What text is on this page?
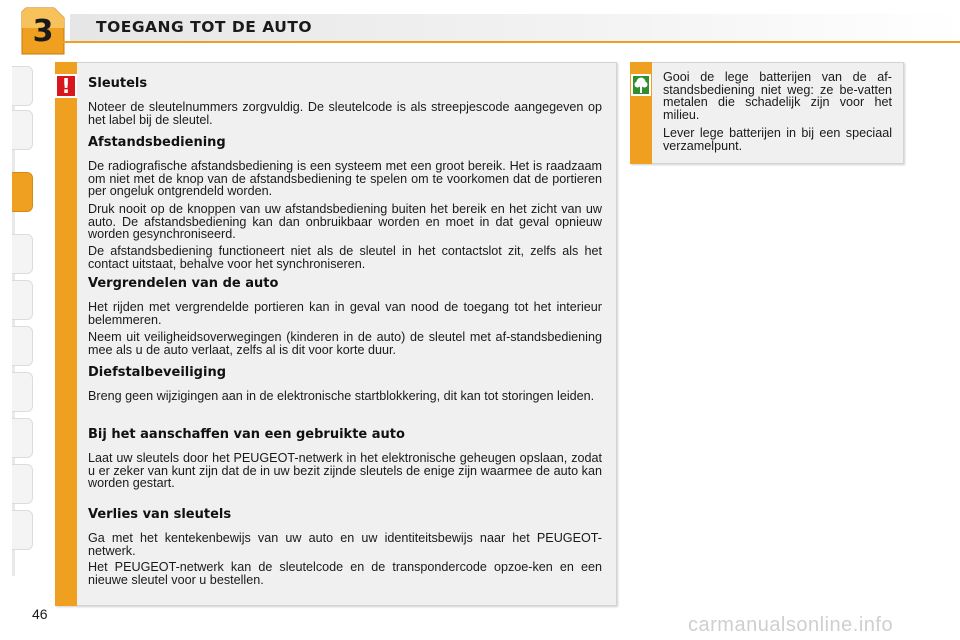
3	TOEGANG TOT DE AUTO
!	Sleutels

Noteer de sleutelnummers zorgvuldig. De sleutelcode is als streepjescode aangegeven op het label bij de sleutel.

Afstandsbediening

De radiografische afstandsbediening is een systeem met een groot bereik. Het is raadzaam om niet met de knop van de afstandsbediening te spelen om te voorkomen dat de portieren per ongeluk ontgrendeld worden.

Druk nooit op de knoppen van uw afstandsbediening buiten het bereik en het zicht van uw auto. De afstandsbediening kan dan onbruikbaar worden en moet in dat geval opnieuw worden gesynchroniseerd.

De afstandsbediening functioneert niet als de sleutel in het contactslot zit, zelfs als het contact uitstaat, behalve voor het synchroniseren.

Vergrendelen van de auto

Het rijden met vergrendelde portieren kan in geval van nood de toegang tot het interieur belemmeren.

Neem uit veiligheidsoverwegingen (kinderen in de auto) de sleutel met af-standsbediening mee als u de auto verlaat, zelfs al is dit voor korte duur.

Diefstalbeveiliging

Breng geen wijzigingen aan in de elektronische startblokkering, dit kan tot storingen leiden.

Bij het aanschaffen van een gebruikte auto

Laat uw sleutels door het PEUGEOT-netwerk in het elektronische geheugen opslaan, zodat u er zeker van kunt zijn dat de in uw bezit zijnde sleutels de enige zijn waarmee de auto kan worden gestart.

Verlies van sleutels

Ga met het kentekenbewijs van uw auto en uw identiteitsbewijs naar het PEUGEOT-netwerk.

Het PEUGEOT-netwerk kan de sleutelcode en de transpondercode opzoe-ken en een nieuwe sleutel voor u bestellen.

Gooi de lege batterijen van de af-standsbediening niet weg: ze be-vatten metalen die schadelijk zijn voor het milieu.

Lever lege batterijen in bij een speciaal verzamelpunt.

46	carmanualsonline.info
